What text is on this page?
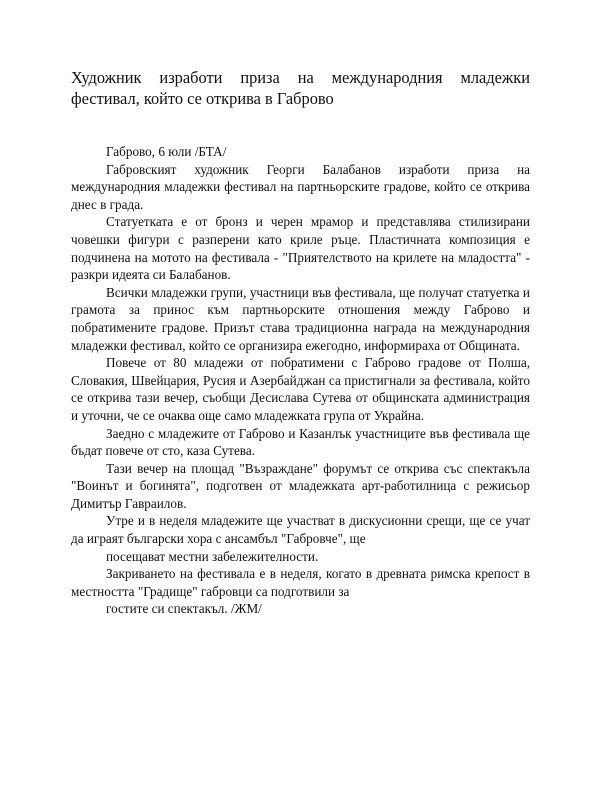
Художник изработи приза на международния младежки фестивал, който се открива в Габрово

Габрово, 6 юли /БТА/

Габровският художник Георги Балабанов изработи приза на международния младежки фестивал на партньорските градове, който се открива днес в града.

Статуетката е от бронз и черен мрамор и представлява стилизирани човешки фигури с разперени като криле ръце. Пластичната композиция е подчинена на мотото на фестивала - "Приятелството на крилете на младостта" - разкри идеята си Балабанов.

Всички младежки групи, участници във фестивала, ще получат статуетка и грамота за принос към партньорските отношения между Габрово и побратимените градове. Призът става традиционна награда на международния младежки фестивал, който се организира ежегодно, информираха от Общината.

Повече от 80 младежи от побратимени с Габрово градове от Полша, Словакия, Швейцария, Русия и Азербайджан са пристигнали за фестивала, който се открива тази вечер, съобщи Десислава Сутева от общинската администрация и уточни, че се очаква още само младежката група от Украйна.

Заедно с младежите от Габрово и Казанлък участниците във фестивала ще бъдат повече от сто, каза Сутева.

Тази вечер на площад "Възраждане" форумът се открива със спектакъла "Воинът и богинята", подготвен от младежката арт-работилница с режисьор Димитър Гавраилов.

Утре и в неделя младежите ще участват в дискусионни срещи, ще се учат да играят български хора с ансамбъл "Габровче", ще

посещават местни забележителности.

Закриването на фестивала е в неделя, когато в древната римска крепост в местността "Градище" габровци са подготвили за

гостите си спектакъл. /ЖМ/
